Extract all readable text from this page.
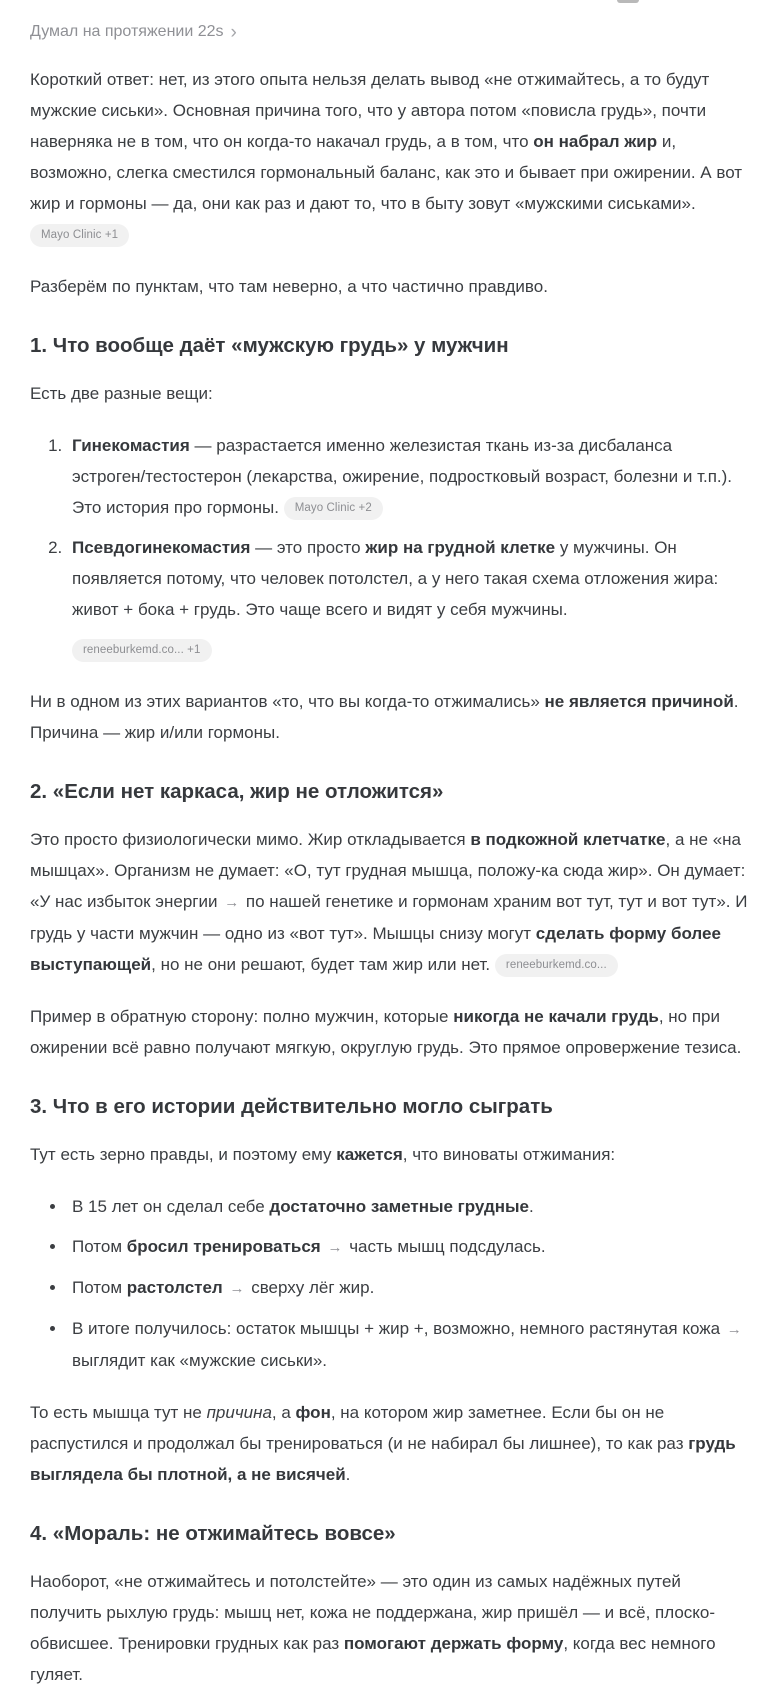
Думал на протяжении 22s ›

Короткий ответ: нет, из этого опыта нельзя делать вывод «не отжимайтесь, а то будут мужские сиськи». Основная причина того, что у автора потом «повисла грудь», почти наверняка не в том, что он когда-то накачал грудь, а в том, что он набрал жир и, возможно, слегка сместился гормональный баланс, как это и бывает при ожирении. А вот жир и гормоны — да, они как раз и дают то, что в быту зовут «мужскими сиськами». Mayo Clinic +1

Разберём по пунктам, что там неверно, а что частично правдиво.

1. Что вообще даёт «мужскую грудь» у мужчин

Есть две разные вещи:

1. Гинекомастия — разрастается именно железистая ткань из-за дисбаланса эстроген/тестостерон (лекарства, ожирение, подростковый возраст, болезни и т.п.). Это история про гормоны. Mayo Clinic +2
2. Псевдогинекомастия — это просто жир на грудной клетке у мужчины. Он появляется потому, что человек потолстел, а у него такая схема отложения жира: живот + бока + грудь. Это чаще всего и видят у себя мужчины.
reneeburkemd.co... +1

Ни в одном из этих вариантов «то, что вы когда-то отжимались» не является причиной. Причина — жир и/или гормоны.

2. «Если нет каркаса, жир не отложится»

Это просто физиологически мимо. Жир откладывается в подкожной клетчатке, а не «на мышцах». Организм не думает: «О, тут грудная мышца, положу-ка сюда жир». Он думает: «У нас избыток энергии → по нашей генетике и гормонам храним вот тут, тут и вот тут». И грудь у части мужчин — одно из «вот тут». Мышцы снизу могут сделать форму более выступающей, но не они решают, будет там жир или нет. reneeburkemd.co...

Пример в обратную сторону: полно мужчин, которые никогда не качали грудь, но при ожирении всё равно получают мягкую, округлую грудь. Это прямое опровержение тезиса.

3. Что в его истории действительно могло сыграть

Тут есть зерно правды, и поэтому ему кажется, что виноваты отжимания:

• В 15 лет он сделал себе достаточно заметные грудные.
• Потом бросил тренироваться → часть мышц подсдулась.
• Потом растолстел → сверху лёг жир.
• В итоге получилось: остаток мышцы + жир +, возможно, немного растянутая кожа → выглядит как «мужские сиськи».

То есть мышца тут не причина, а фон, на котором жир заметнее. Если бы он не распустился и продолжал бы тренироваться (и не набирал бы лишнее), то как раз грудь выглядела бы плотной, а не висячей.

4. «Мораль: не отжимайтесь вовсе»

Наоборот, «не отжимайтесь и потолстейте» — это один из самых надёжных путей получить рыхлую грудь: мышц нет, кожа не поддержана, жир пришёл — и всё, плоско-обвисшее. Тренировки грудных как раз помогают держать форму, когда вес немного гуляет.
